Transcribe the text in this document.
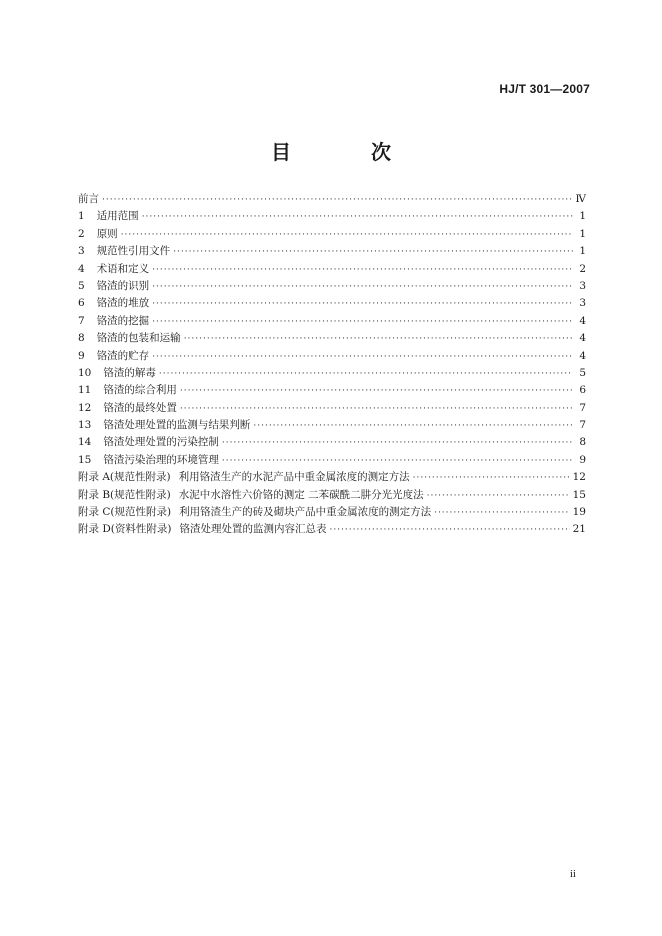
HJ/T 301—2007
目　次
前言 ·····	Ⅳ
1 适用范围 ·····	1
2 原则 ·····	1
3 规范性引用文件 ·····	1
4 术语和定义 ·····	2
5 铬渣的识别 ·····	3
6 铬渣的堆放 ·····	3
7 铬渣的挖掘 ·····	4
8 铬渣的包装和运输 ·····	4
9 铬渣的贮存 ·····	4
10 铬渣的解毒 ·····	5
11 铬渣的综合利用 ·····	6
12 铬渣的最终处置 ·····	7
13 铬渣处理处置的监测与结果判断 ·····	7
14 铬渣处理处置的污染控制 ·····	8
15 铬渣污染治理的环境管理 ·····	9
附录 A(规范性附录) 利用铬渣生产的水泥产品中重金属浓度的测定方法 ·····	12
附录 B(规范性附录) 水泥中水溶性六价铬的测定 二苯碳酰二肼分光光度法 ·····	15
附录 C(规范性附录) 利用铬渣生产的砖及砌块产品中重金属浓度的测定方法 ·····	19
附录 D(资料性附录) 铬渣处理处置的监测内容汇总表 ·····	21
ii
